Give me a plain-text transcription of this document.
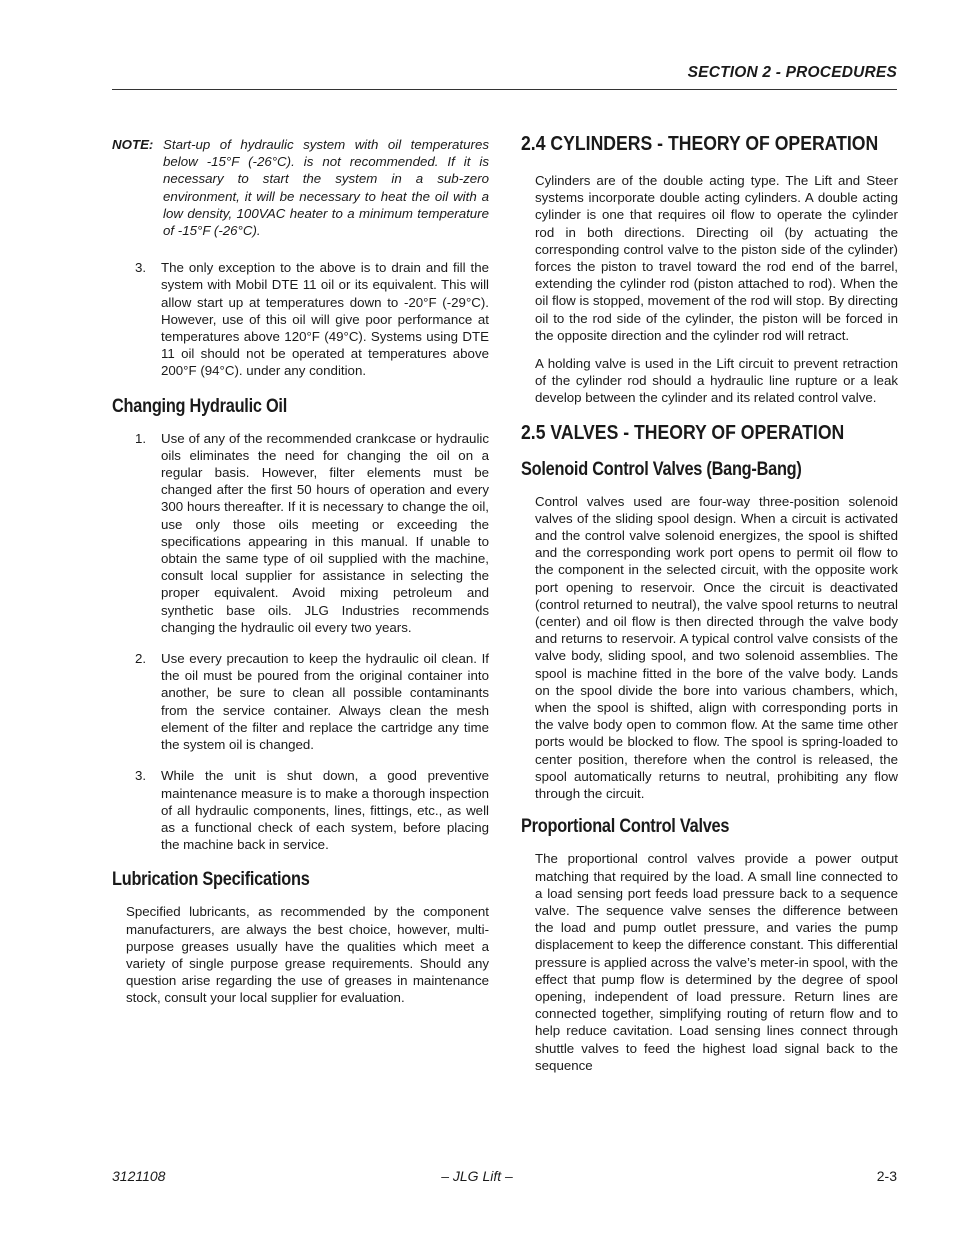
SECTION 2 - PROCEDURES
NOTE: Start-up of hydraulic system with oil temperatures below -15°F (-26°C). is not recommended. If it is necessary to start the system in a sub-zero environment, it will be necessary to heat the oil with a low density, 100VAC heater to a minimum temperature of -15°F (-26°C).
3.	The only exception to the above is to drain and fill the system with Mobil DTE 11 oil or its equivalent. This will allow start up at temperatures down to -20°F (-29°C). However, use of this oil will give poor performance at temperatures above 120°F (49°C). Systems using DTE 11 oil should not be operated at temperatures above 200°F (94°C). under any condition.
Changing Hydraulic Oil
1.	Use of any of the recommended crankcase or hydraulic oils eliminates the need for changing the oil on a regular basis. However, filter elements must be changed after the first 50 hours of operation and every 300 hours thereafter. If it is necessary to change the oil, use only those oils meeting or exceeding the specifications appearing in this manual. If unable to obtain the same type of oil supplied with the machine, consult local supplier for assistance in selecting the proper equivalent. Avoid mixing petroleum and synthetic base oils. JLG Industries recommends changing the hydraulic oil every two years.
2.	Use every precaution to keep the hydraulic oil clean. If the oil must be poured from the original container into another, be sure to clean all possible contaminants from the service container. Always clean the mesh element of the filter and replace the cartridge any time the system oil is changed.
3.	While the unit is shut down, a good preventive maintenance measure is to make a thorough inspection of all hydraulic components, lines, fittings, etc., as well as a functional check of each system, before placing the machine back in service.
Lubrication Specifications

Specified lubricants, as recommended by the component manufacturers, are always the best choice, however, multi-purpose greases usually have the qualities which meet a variety of single purpose grease requirements. Should any question arise regarding the use of greases in maintenance stock, consult your local supplier for evaluation.

2.4 CYLINDERS - THEORY OF OPERATION

Cylinders are of the double acting type. The Lift and Steer systems incorporate double acting cylinders. A double acting cylinder is one that requires oil flow to operate the cylinder rod in both directions. Directing oil (by actuating the corresponding control valve to the piston side of the cylinder) forces the piston to travel toward the rod end of the barrel, extending the cylinder rod (piston attached to rod). When the oil flow is stopped, movement of the rod will stop. By directing oil to the rod side of the cylinder, the piston will be forced in the opposite direction and the cylinder rod will retract.

A holding valve is used in the Lift circuit to prevent retraction of the cylinder rod should a hydraulic line rupture or a leak develop between the cylinder and its related control valve.

2.5 VALVES - THEORY OF OPERATION
Solenoid Control Valves (Bang-Bang)

Control valves used are four-way three-position solenoid valves of the sliding spool design. When a circuit is activated and the control valve solenoid energizes, the spool is shifted and the corresponding work port opens to permit oil flow to the component in the selected circuit, with the opposite work port opening to reservoir. Once the circuit is deactivated (control returned to neutral), the valve spool returns to neutral (center) and oil flow is then directed through the valve body and returns to reservoir. A typical control valve consists of the valve body, sliding spool, and two solenoid assemblies. The spool is machine fitted in the bore of the valve body. Lands on the spool divide the bore into various chambers, which, when the spool is shifted, align with corresponding ports in the valve body open to common flow. At the same time other ports would be blocked to flow. The spool is spring-loaded to center position, therefore when the control is released, the spool automatically returns to neutral, prohibiting any flow through the circuit.

Proportional Control Valves

The proportional control valves provide a power output matching that required by the load. A small line connected to a load sensing port feeds load pressure back to a sequence valve. The sequence valve senses the difference between the load and pump outlet pressure, and varies the pump displacement to keep the difference constant. This differential pressure is applied across the valve’s meter-in spool, with the effect that pump flow is determined by the degree of spool opening, independent of load pressure. Return lines are connected together, simplifying routing of return flow and to help reduce cavitation. Load sensing lines connect through shuttle valves to feed the highest load signal back to the sequence

3121108	– JLG Lift –	2-3
